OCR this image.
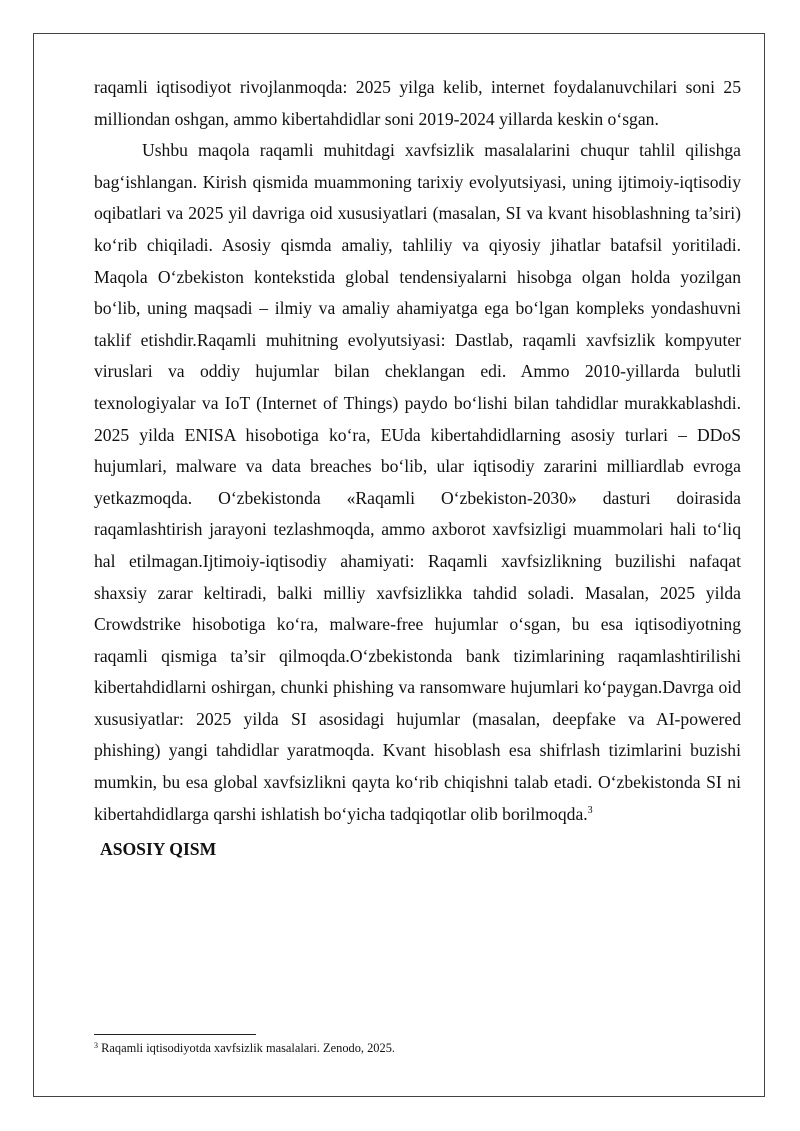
raqamli iqtisodiyot rivojlanmoqda: 2025 yilga kelib, internet foydalanuvchilari soni 25 milliondan oshgan, ammo kibertahdidlar soni 2019-2024 yillarda keskin o‘sgan.

Ushbu maqola raqamli muhitdagi xavfsizlik masalalarini chuqur tahlil qilishga bag‘ishlangan. Kirish qismida muammoning tarixiy evolyutsiyasi, uning ijtimoiy-iqtisodiy oqibatlari va 2025 yil davriga oid xususiyatlari (masalan, SI va kvant hisoblashning ta’siri) ko‘rib chiqiladi. Asosiy qismda amaliy, tahliliy va qiyosiy jihatlar batafsil yoritiladi. Maqola O‘zbekiston kontekstida global tendensiyalarni hisobga olgan holda yozilgan bo‘lib, uning maqsadi – ilmiy va amaliy ahamiyatga ega bo‘lgan kompleks yondashuvni taklif etishdir.Raqamli muhitning evolyutsiyasi: Dastlab, raqamli xavfsizlik kompyuter viruslari va oddiy hujumlar bilan cheklangan edi. Ammo 2010-yillarda bulutli texnologiyalar va IoT (Internet of Things) paydo bo‘lishi bilan tahdidlar murakkablashdi. 2025 yilda ENISA hisobotiga ko‘ra, EUda kibertahdidlarning asosiy turlari – DDoS hujumlari, malware va data breaches bo‘lib, ular iqtisodiy zararini milliardlab evroga yetkazmoqda. O‘zbekistonda «Raqamli O‘zbekiston-2030» dasturi doirasida raqamlashtirish jarayoni tezlashmoqda, ammo axborot xavfsizligi muammolari hali to‘liq hal etilmagan.Ijtimoiy-iqtisodiy ahamiyati: Raqamli xavfsizlikning buzilishi nafaqat shaxsiy zarar keltiradi, balki milliy xavfsizlikka tahdid soladi. Masalan, 2025 yilda Crowdstrike hisobotiga ko‘ra, malware-free hujumlar o‘sgan, bu esa iqtisodiyotning raqamli qismiga ta’sir qilmoqda.O‘zbekistonda bank tizimlarining raqamlashtirilishi kibertahdidlarni oshirgan, chunki phishing va ransomware hujumlari ko‘paygan.Davrga oid xususiyatlar: 2025 yilda SI asosidagi hujumlar (masalan, deepfake va AI-powered phishing) yangi tahdidlar yaratmoqda. Kvant hisoblash esa shifrlash tizimlarini buzishi mumkin, bu esa global xavfsizlikni qayta ko‘rib chiqishni talab etadi. O‘zbekistonda SI ni kibertahdidlarga qarshi ishlatish bo‘yicha tadqiqotlar olib borilmoqda.$^3$

ASOSIY QISM
$^3$ Raqamli iqtisodiyotda xavfsizlik masalalari. Zenodo, 2025.
